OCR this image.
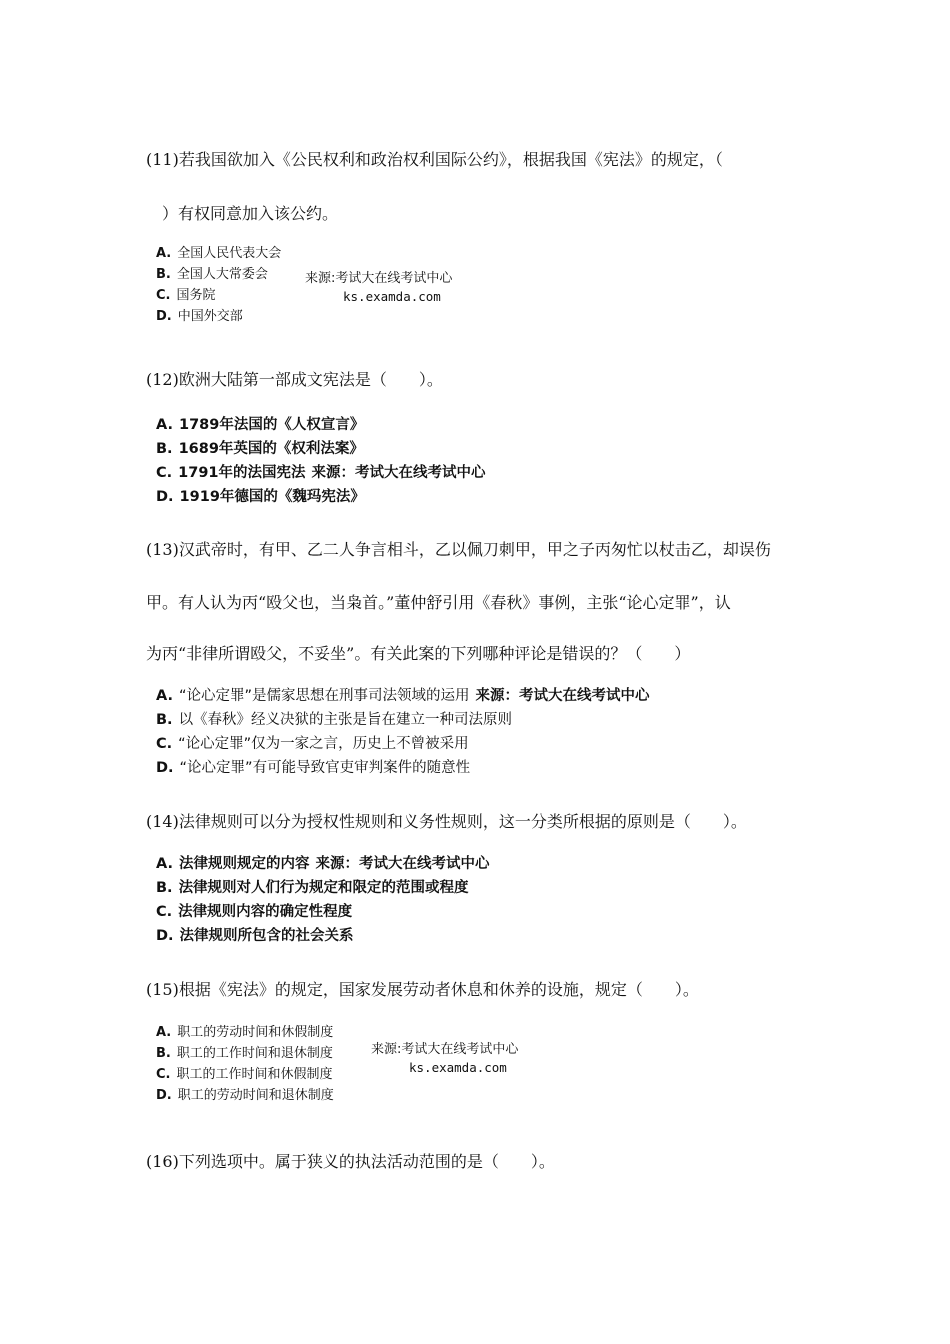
(11)若我国欲加入《公民权利和政治权利国际公约》，根据我国《宪法》的规定，（
）有权同意加入该公约。
A. 全国人民代表大会
B. 全国人大常委会
C. 国务院
D. 中国外交部
来源:考试大在线考试中心
ks.examda.com
(12)欧洲大陆第一部成文宪法是（　　）。
A. 1789年法国的《人权宣言》
B. 1689年英国的《权利法案》
C. 1791年的法国宪法 来源：考试大在线考试中心
D. 1919年德国的《魏玛宪法》
(13)汉武帝时，有甲、乙二人争言相斗，乙以佩刀刺甲，甲之子丙匆忙以杖击乙，却误伤
甲。有人认为丙“殴父也，当枭首。”董仲舒引用《春秋》事例，主张“论心定罪”，认
为丙“非律所谓殴父，不妥坐”。有关此案的下列哪种评论是错误的？（　　）
A. “论心定罪”是儒家思想在刑事司法领域的运用 来源：考试大在线考试中心
B. 以《春秋》经义决狱的主张是旨在建立一种司法原则
C. “论心定罪”仅为一家之言，历史上不曾被采用
D. “论心定罪”有可能导致官吏审判案件的随意性
(14)法律规则可以分为授权性规则和义务性规则，这一分类所根据的原则是（　　）。
A. 法律规则规定的内容 来源：考试大在线考试中心
B. 法律规则对人们行为规定和限定的范围或程度
C. 法律规则内容的确定性程度
D. 法律规则所包含的社会关系
(15)根据《宪法》的规定，国家发展劳动者休息和休养的设施，规定（　　）。
A. 职工的劳动时间和休假制度
B. 职工的工作时间和退休制度
C. 职工的工作时间和休假制度
D. 职工的劳动时间和退休制度
来源:考试大在线考试中心
ks.examda.com
(16)下列选项中。属于狭义的执法活动范围的是（　　）。
